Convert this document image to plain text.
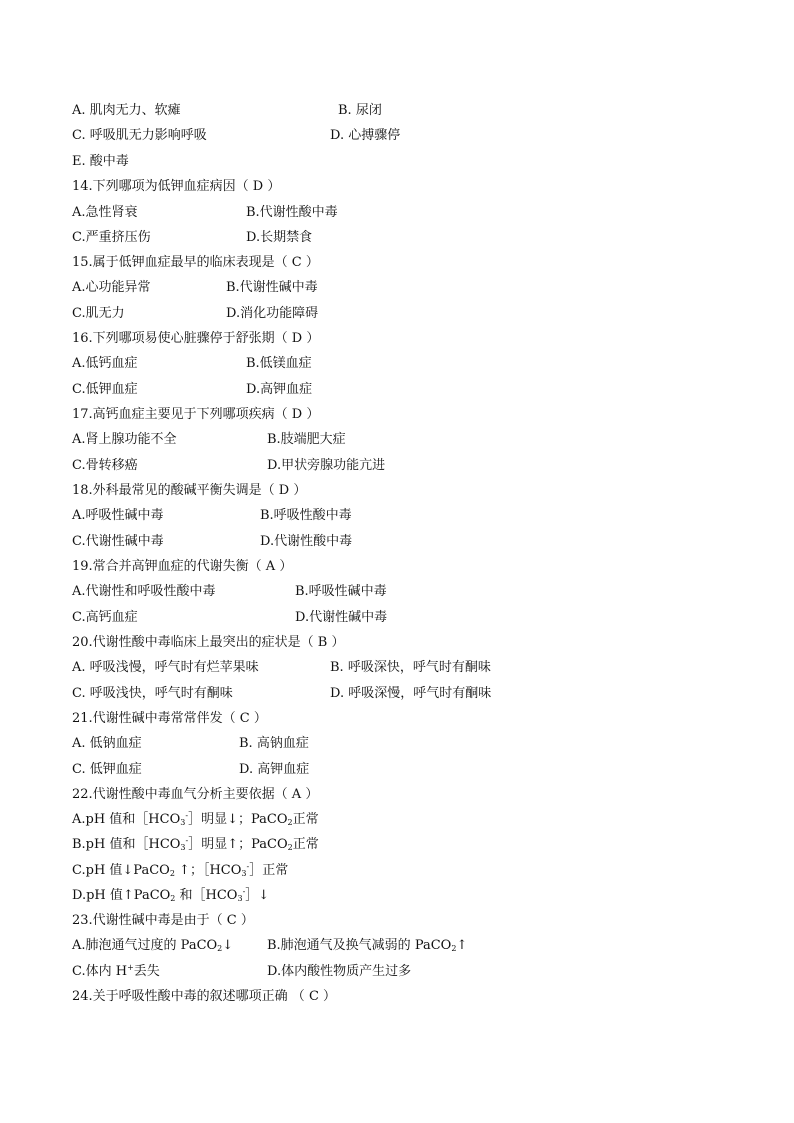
A. 肌肉无力、软瘫	B. 尿闭
C. 呼吸肌无力影响呼吸	D. 心搏骤停
E. 酸中毒
14.下列哪项为低钾血症病因（ D ）
A.急性肾衰	B.代谢性酸中毒
C.严重挤压伤	D.长期禁食
15.属于低钾血症最早的临床表现是（ C ）
A.心功能异常	B.代谢性碱中毒
C.肌无力	D.消化功能障碍
16.下列哪项易使心脏骤停于舒张期（ D ）
A.低钙血症	B.低镁血症
C.低钾血症	D.高钾血症
17.高钙血症主要见于下列哪项疾病（ D ）
A.肾上腺功能不全	B.肢端肥大症
C.骨转移癌	D.甲状旁腺功能亢进
18.外科最常见的酸碱平衡失调是（ D ）
A.呼吸性碱中毒	B.呼吸性酸中毒
C.代谢性碱中毒	D.代谢性酸中毒
19.常合并高钾血症的代谢失衡（ A ）
A.代谢性和呼吸性酸中毒	B.呼吸性碱中毒
C.高钙血症	D.代谢性碱中毒
20.代谢性酸中毒临床上最突出的症状是（ B ）
A. 呼吸浅慢，呼气时有烂苹果味	B. 呼吸深快，呼气时有酮味
C. 呼吸浅快，呼气时有酮味	D. 呼吸深慢，呼气时有酮味
21.代谢性碱中毒常常伴发（ C ）
A. 低钠血症	B. 高钠血症
C. 低钾血症	D. 高钾血症
22.代谢性酸中毒血气分析主要依据（ A ）
A.pH 值和$[HCO_3^-]$明显↓；PaCO$_2$正常
B.pH 值和$[HCO_3^-]$明显↑；PaCO$_2$正常
C.pH 值↓PaCO$_2$ ↑；$[HCO_3^-]$正常
D.pH 值↑PaCO$_2$ 和$[HCO_3^-]↓$
23.代谢性碱中毒是由于（ C ）
A.肺泡通气过度的 PaCO$_2$↓	B.肺泡通气及换气减弱的 PaCO$_2$↑
C.体内 H+丢失	D.体内酸性物质产生过多
24.关于呼吸性酸中毒的叙述哪项正确 （ C ）
